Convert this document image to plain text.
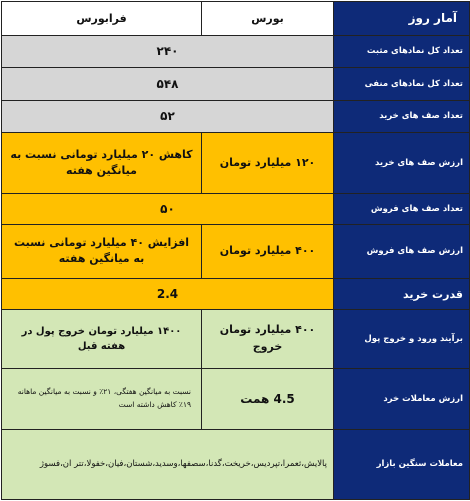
آمار روز	بورس	فرابورس
تعداد کل نمادهای مثبت	۲۴۰	
تعداد کل نمادهای منفی	۵۴۸	
تعداد صف های خرید	۵۲	
ارزش صف های خرید	۱۲۰ میلیارد تومان	کاهش ۲۰ میلیارد تومانی نسبت به میانگین هفته
تعداد صف های فروش	۵۰	
ارزش صف های فروش	۴۰۰ میلیارد تومان	افزایش ۴۰ میلیارد تومانی نسبت به میانگین هفته
قدرت خرید	2.4	
برآیند ورود و خروج پول	۴۰۰ میلیارد تومان خروج	۱۴۰۰ میلیارد تومان خروج پول در هفته قبل
ارزش معاملات خرد	4.5 همت	نسبت به میانگین هفتگی، ۲۱٪ و نسبت به میانگین ماهانه ۱۹٪ کاهش داشته است
معاملات سنگین بازار	پالایش،ثعمرا،تپردیس،خریخت،گدنا،سصفها،وسدید،شستان،فیان،خفولا،تتر ان،فسوژ	
